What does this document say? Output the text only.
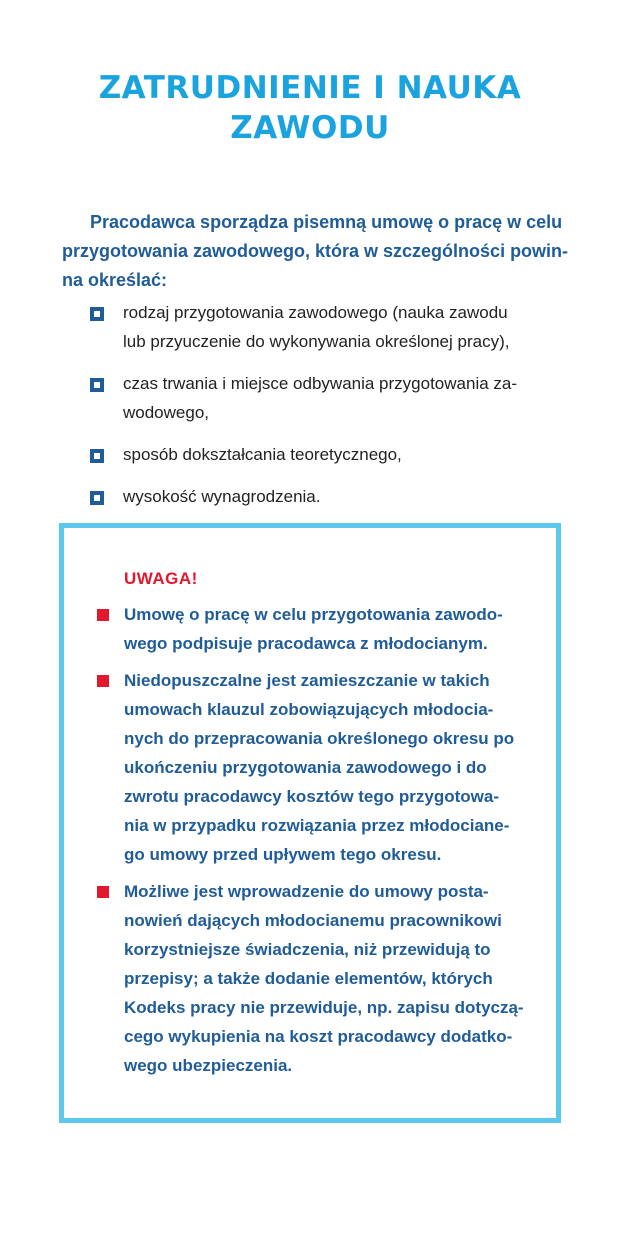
ZATRUDNIENIE I NAUKA
ZAWODU
Pracodawca sporządza pisemną umowę o pracę w celu
przygotowania zawodowego, która w szczególności powin-
na określać:
rodzaj przygotowania zawodowego (nauka zawodu
lub przyuczenie do wykonywania określonej pracy),
czas trwania i miejsce odbywania przygotowania za-
wodowego,
sposób dokształcania teoretycznego,
wysokość wynagrodzenia.
UWAGA!
Umowę o pracę w celu przygotowania zawodo-
wego podpisuje pracodawca z młodocianym.
Niedopuszczalne jest zamieszczanie w takich
umowach klauzul zobowiązujących młodocia-
nych do przepracowania określonego okresu po
ukończeniu przygotowania zawodowego i do
zwrotu pracodawcy kosztów tego przygotowa-
nia w przypadku rozwiązania przez młodociane-
go umowy przed upływem tego okresu.
Możliwe jest wprowadzenie do umowy posta-
nowień dających młodocianemu pracownikowi
korzystniejsze świadczenia, niż przewidują to
przepisy; a także dodanie elementów, których
Kodeks pracy nie przewiduje, np. zapisu dotyczą-
cego wykupienia na koszt pracodawcy dodatko-
wego ubezpieczenia.
